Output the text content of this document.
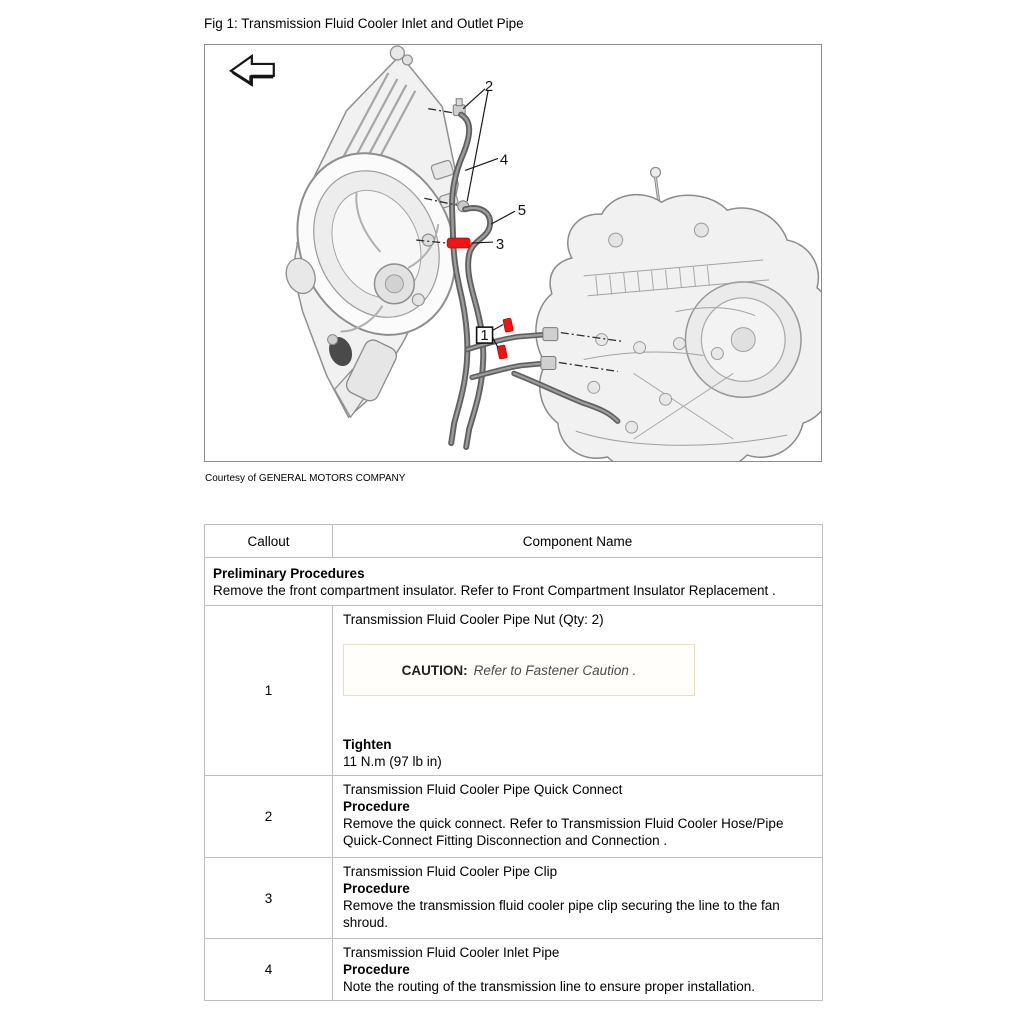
Fig 1: Transmission Fluid Cooler Inlet and Outlet Pipe
2
4
5
3
1
Courtesy of GENERAL MOTORS COMPANY
Callout	Component Name

Preliminary Procedures
Remove the front compartment insulator. Refer to Front Compartment Insulator Replacement .	

1	Transmission Fluid Cooler Pipe Nut (Qty: 2)
CAUTION: Refer to Fastener Caution .
Tighten
11 N.m (97 lb in)

2	Transmission Fluid Cooler Pipe Quick Connect
Procedure
Remove the quick connect. Refer to Transmission Fluid Cooler Hose/Pipe Quick-Connect Fitting Disconnection and Connection .

3	Transmission Fluid Cooler Pipe Clip
Procedure
Remove the transmission fluid cooler pipe clip securing the line to the fan shroud.

4	Transmission Fluid Cooler Inlet Pipe
Procedure
Note the routing of the transmission line to ensure proper installation.
